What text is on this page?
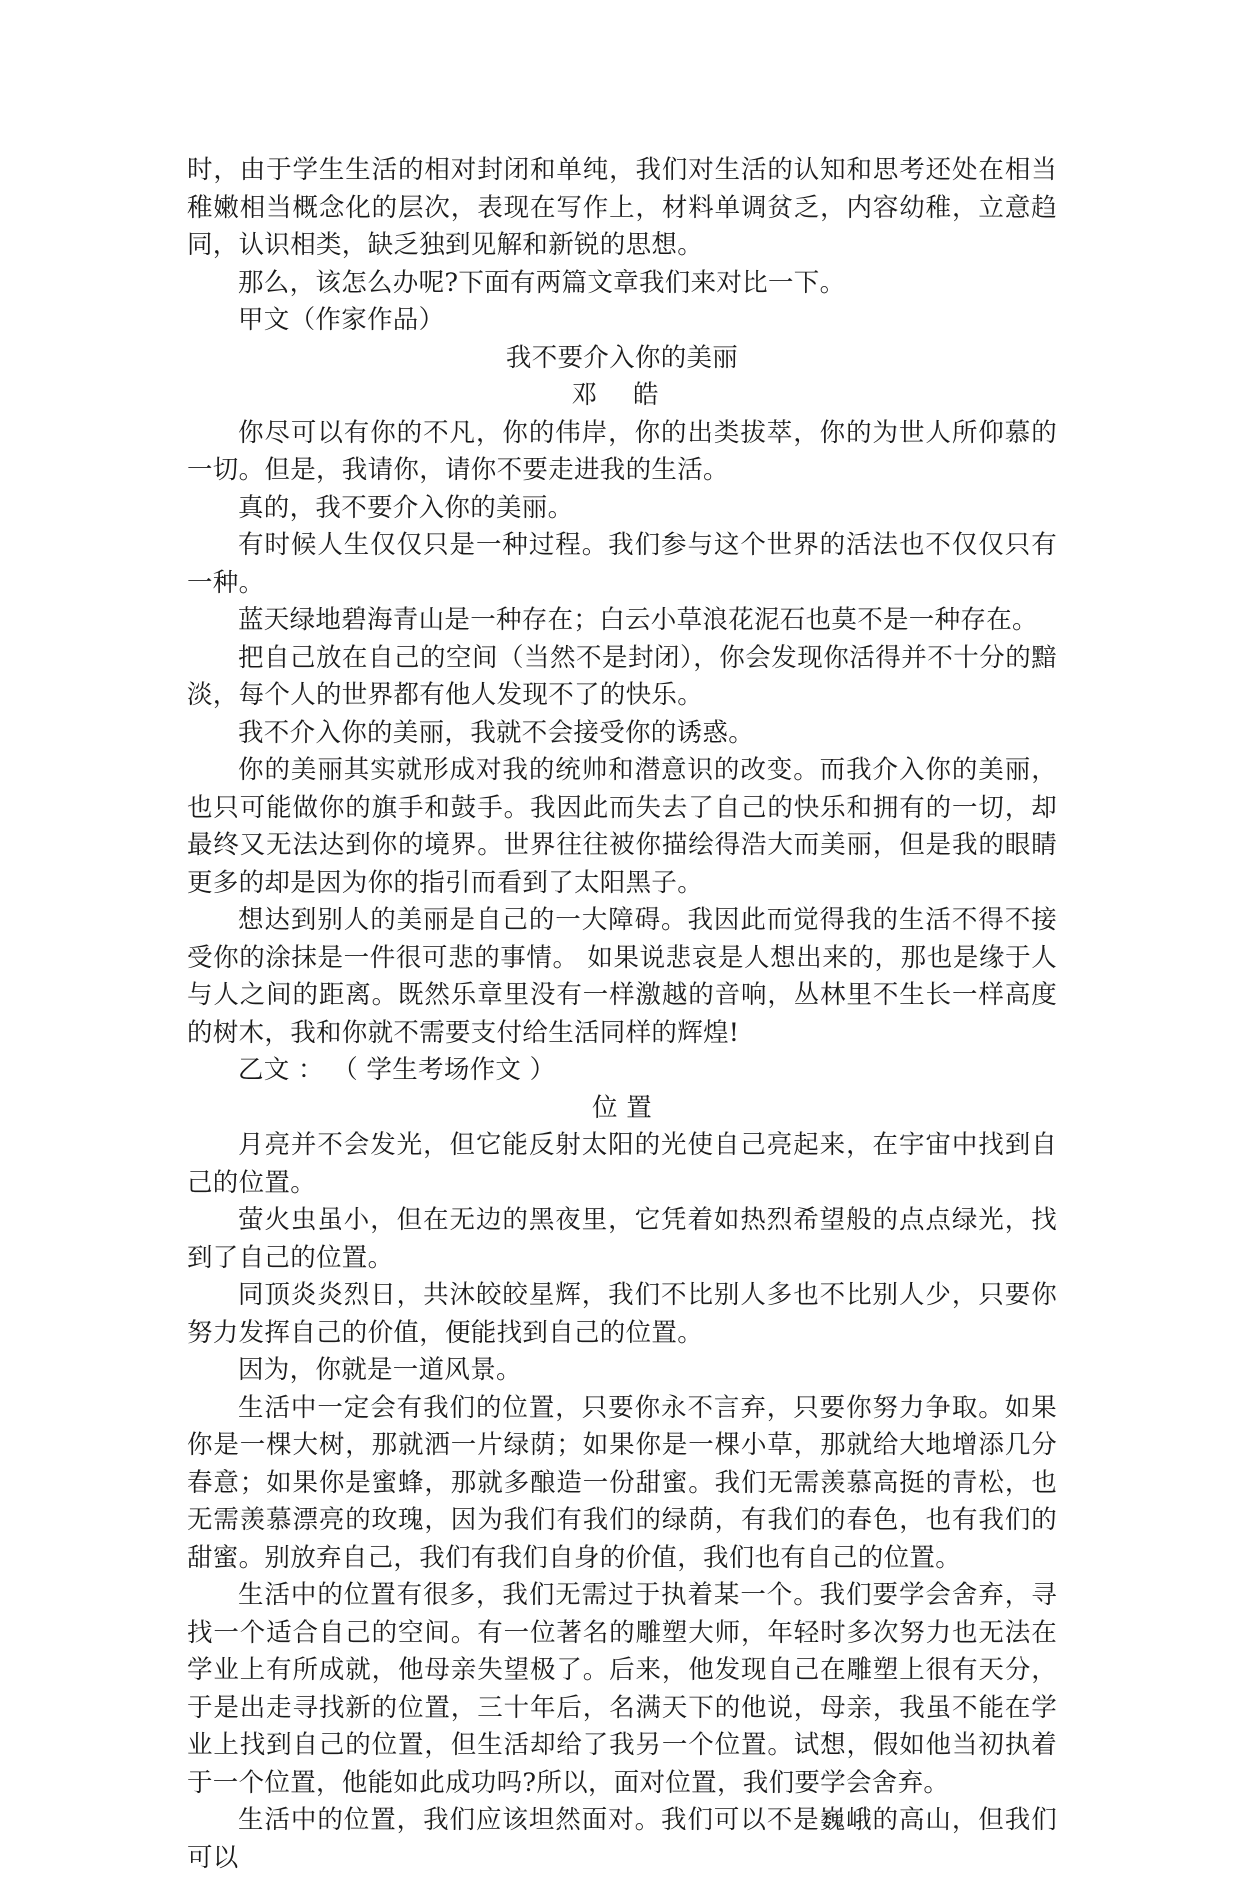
时，由于学生生活的相对封闭和单纯，我们对生活的认知和思考还处在相当稚嫩相当概念化的层次，表现在写作上，材料单调贫乏，内容幼稚，立意趋同，认识相类，缺乏独到见解和新锐的思想。

那么，该怎么办呢?下面有两篇文章我们来对比一下。

甲文（作家作品）

我不要介入你的美丽

邓 皓

你尽可以有你的不凡，你的伟岸，你的出类拔萃，你的为世人所仰慕的一切。但是，我请你，请你不要走进我的生活。

真的，我不要介入你的美丽。

有时候人生仅仅只是一种过程。我们参与这个世界的活法也不仅仅只有一种。

蓝天绿地碧海青山是一种存在；白云小草浪花泥石也莫不是一种存在。

把自己放在自己的空间（当然不是封闭），你会发现你活得并不十分的黯淡，每个人的世界都有他人发现不了的快乐。

我不介入你的美丽，我就不会接受你的诱惑。

你的美丽其实就形成对我的统帅和潜意识的改变。而我介入你的美丽，也只可能做你的旗手和鼓手。我因此而失去了自己的快乐和拥有的一切，却最终又无法达到你的境界。世界往往被你描绘得浩大而美丽，但是我的眼睛更多的却是因为你的指引而看到了太阳黑子。

想达到别人的美丽是自己的一大障碍。我因此而觉得我的生活不得不接受你的涂抹是一件很可悲的事情。 如果说悲哀是人想出来的，那也是缘于人与人之间的距离。既然乐章里没有一样激越的音响，丛林里不生长一样高度的树木，我和你就不需要支付给生活同样的辉煌!

乙文 ： （ 学生考场作文 ）

位 置

月亮并不会发光，但它能反射太阳的光使自己亮起来，在宇宙中找到自己的位置。

萤火虫虽小，但在无边的黑夜里，它凭着如热烈希望般的点点绿光，找到了自己的位置。

同顶炎炎烈日，共沐皎皎星辉，我们不比别人多也不比别人少，只要你努力发挥自己的价值，便能找到自己的位置。

因为，你就是一道风景。

生活中一定会有我们的位置，只要你永不言弃，只要你努力争取。如果你是一棵大树，那就洒一片绿荫；如果你是一棵小草，那就给大地增添几分春意；如果你是蜜蜂，那就多酿造一份甜蜜。我们无需羡慕高挺的青松，也无需羡慕漂亮的玫瑰，因为我们有我们的绿荫，有我们的春色，也有我们的甜蜜。别放弃自己，我们有我们自身的价值，我们也有自己的位置。

生活中的位置有很多，我们无需过于执着某一个。我们要学会舍弃，寻找一个适合自己的空间。有一位著名的雕塑大师，年轻时多次努力也无法在学业上有所成就，他母亲失望极了。后来，他发现自己在雕塑上很有天分，于是出走寻找新的位置，三十年后，名满天下的他说，母亲，我虽不能在学业上找到自己的位置，但生活却给了我另一个位置。试想，假如他当初执着于一个位置，他能如此成功吗?所以，面对位置，我们要学会舍弃。

生活中的位置，我们应该坦然面对。我们可以不是巍峨的高山，但我们可以
